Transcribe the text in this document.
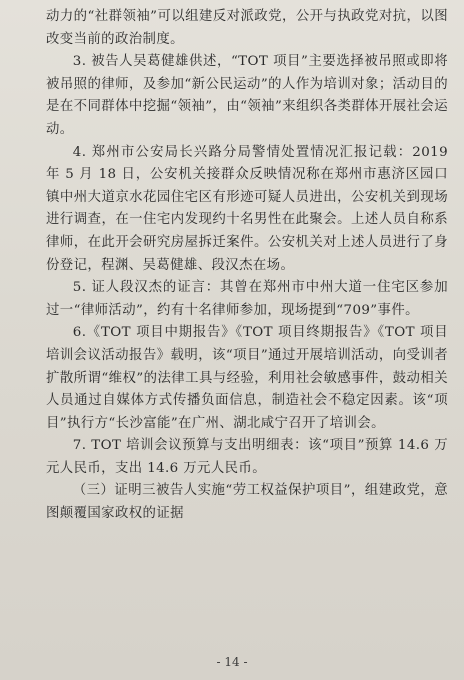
动力的“社群领袖”可以组建反对派政党，公开与执政党对抗，以图改变当前的政治制度。

3. 被告人吴葛健雄供述，“TOT 项目”主要选择被吊照或即将被吊照的律师，及参加“新公民运动”的人作为培训对象；活动目的是在不同群体中挖掘“领袖”，由“领袖”来组织各类群体开展社会运动。

4. 郑州市公安局长兴路分局警情处置情况汇报记载：2019 年 5 月 18 日，公安机关接群众反映情况称在郑州市惠济区园口镇中州大道京水花园住宅区有形迹可疑人员进出，公安机关到现场进行调查，在一住宅内发现约十名男性在此聚会。上述人员自称系律师，在此开会研究房屋拆迁案件。公安机关对上述人员进行了身份登记，程渊、吴葛健雄、段汉杰在场。

5. 证人段汉杰的证言：其曾在郑州市中州大道一住宅区参加过一“律师活动”，约有十名律师参加，现场提到“709”事件。

6.《TOT 项目中期报告》《TOT 项目终期报告》《TOT 项目培训会议活动报告》载明，该“项目”通过开展培训活动，向受训者扩散所谓“维权”的法律工具与经验，利用社会敏感事件，鼓动相关人员通过自媒体方式传播负面信息，制造社会不稳定因素。该“项目”执行方“长沙富能”在广州、湖北咸宁召开了培训会。

7. TOT 培训会议预算与支出明细表：该“项目”预算 14.6 万元人民币，支出 14.6 万元人民币。

（三）证明三被告人实施“劳工权益保护项目”，组建政党，意图颠覆国家政权的证据

- 14 -
